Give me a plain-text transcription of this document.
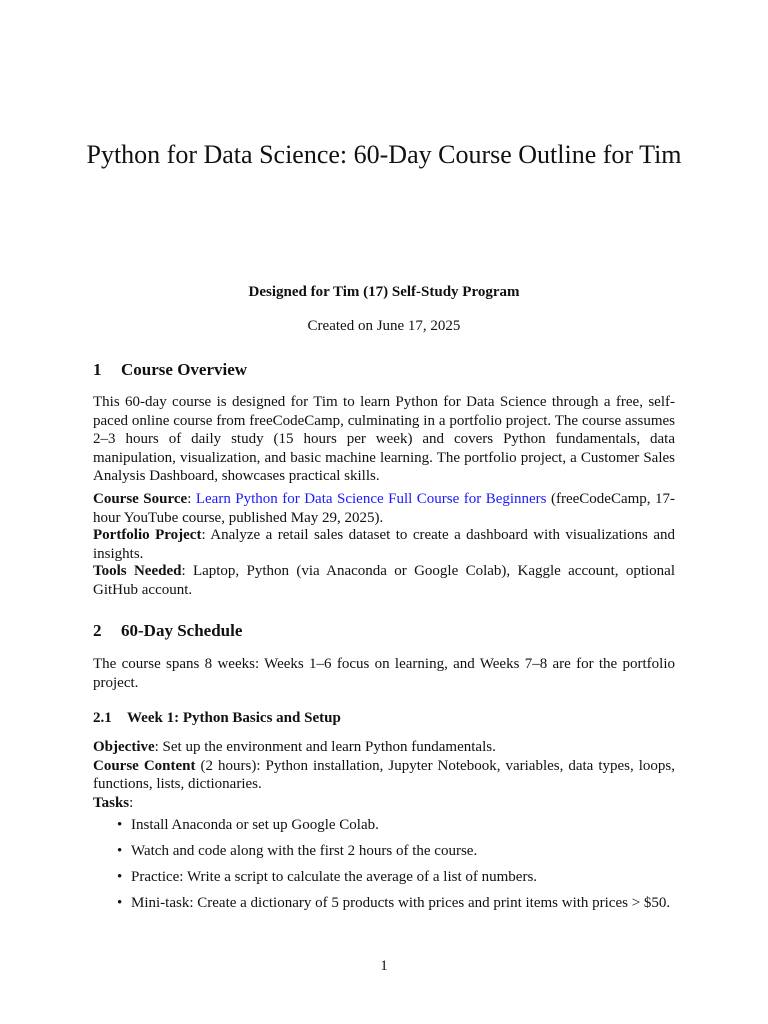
Python for Data Science: 60-Day Course Outline for Tim
Designed for Tim (17) Self-Study Program
Created on June 17, 2025
1 Course Overview

This 60-day course is designed for Tim to learn Python for Data Science through a free, self-paced online course from freeCodeCamp, culminating in a portfolio project. The course assumes 2–3 hours of daily study (15 hours per week) and covers Python fundamentals, data manipulation, visualization, and basic machine learning. The portfolio project, a Customer Sales Analysis Dashboard, showcases practical skills.

Course Source: Learn Python for Data Science Full Course for Beginners (freeCodeCamp, 17-hour YouTube course, published May 29, 2025).

Portfolio Project: Analyze a retail sales dataset to create a dashboard with visualizations and insights.

Tools Needed: Laptop, Python (via Anaconda or Google Colab), Kaggle account, optional GitHub account.

2 60-Day Schedule

The course spans 8 weeks: Weeks 1–6 focus on learning, and Weeks 7–8 are for the portfolio project.

2.1 Week 1: Python Basics and Setup

Objective: Set up the environment and learn Python fundamentals.
Course Content (2 hours): Python installation, Jupyter Notebook, variables, data types, loops, functions, lists, dictionaries.
Tasks:

• Install Anaconda or set up Google Colab.
• Watch and code along with the first 2 hours of the course.
• Practice: Write a script to calculate the average of a list of numbers.
• Mini-task: Create a dictionary of 5 products with prices and print items with prices > $50.
1
